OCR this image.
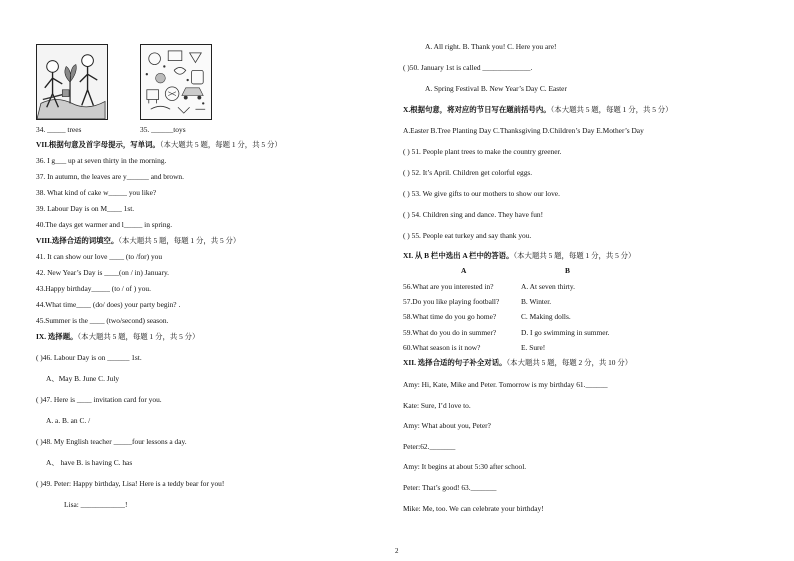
34. _____ trees	35. ______toys
VII.根据句意及首字母提示，写单词。（本大题共 5 题，每题 1 分，共 5 分）
36. I g___ up at seven thirty in the morning.
37. In autumn, the leaves are y______ and brown.
38. What kind of cake w_____ you like?
39. Labour Day is on M____ 1st.
40.The days get warmer and l_____ in spring.
VIII.选择合适的词填空。（本大题共 5 题，每题 1 分，共 5 分）
41. It can show our love ____ (to /for) you
42. New Year’s Day is ____(on / in) January.
43.Happy birthday_____ (to / of ) you.
44.What time____ (do/ does) your party begin? .
45.Summer is the ____ (two/second) season.
IX. 选择题。（本大题共 5 题，每题 1 分，共 5 分）
( )46. Labour Day is on ______ 1st.
A、May B. June C. July
( )47. Here is ____ invitation card for you.
A. a. B. an C. /
( )48. My English teacher _____four lessons a day.
A、 have B. is having C. has
( )49. Peter: Happy birthday, Lisa! Here is a teddy bear for you!
Lisa: ____________!
A. All right. B. Thank you! C. Here you are!
( )50. January 1st is called _____________.
A. Spring Festival B. New Year’s Day C. Easter
X.根据句意，将对应的节日写在题前括号内。（本大题共 5 题，每题 1 分，共 5 分）
A.Easter B.Tree Planting Day C.Thanksgiving D.Children’s Day E.Mother’s Day
( ) 51. People plant trees to make the country greener.
( ) 52. It’s April. Children get colorful eggs.
( ) 53. We give gifts to our mothers to show our love.
( ) 54. Children sing and dance. They have fun!
( ) 55. People eat turkey and say thank you.
XI. 从 B 栏中选出 A 栏中的答语。（本大题共 5 题，每题 1 分，共 5 分）
A	B
56.What are you interested in?	A. At seven thirty.
57.Do you like playing football?	B. Winter.
58.What time do you go home?	C. Making dolls.
59.What do you do in summer?	D. I go swimming in summer.
60.What season is it now?	E. Sure!
XII. 选择合适的句子补全对话。（本大题共 5 题，每题 2 分，共 10 分）
Amy: Hi, Kate, Mike and Peter. Tomorrow is my birthday 61.______
Kate: Sure, I’d love to.
Amy: What about you, Peter?
Peter:62._______
Amy: It begins at about 5:30 after school.
Peter: That’s good! 63._______
Mike: Me, too. We can celebrate your birthday!
2
